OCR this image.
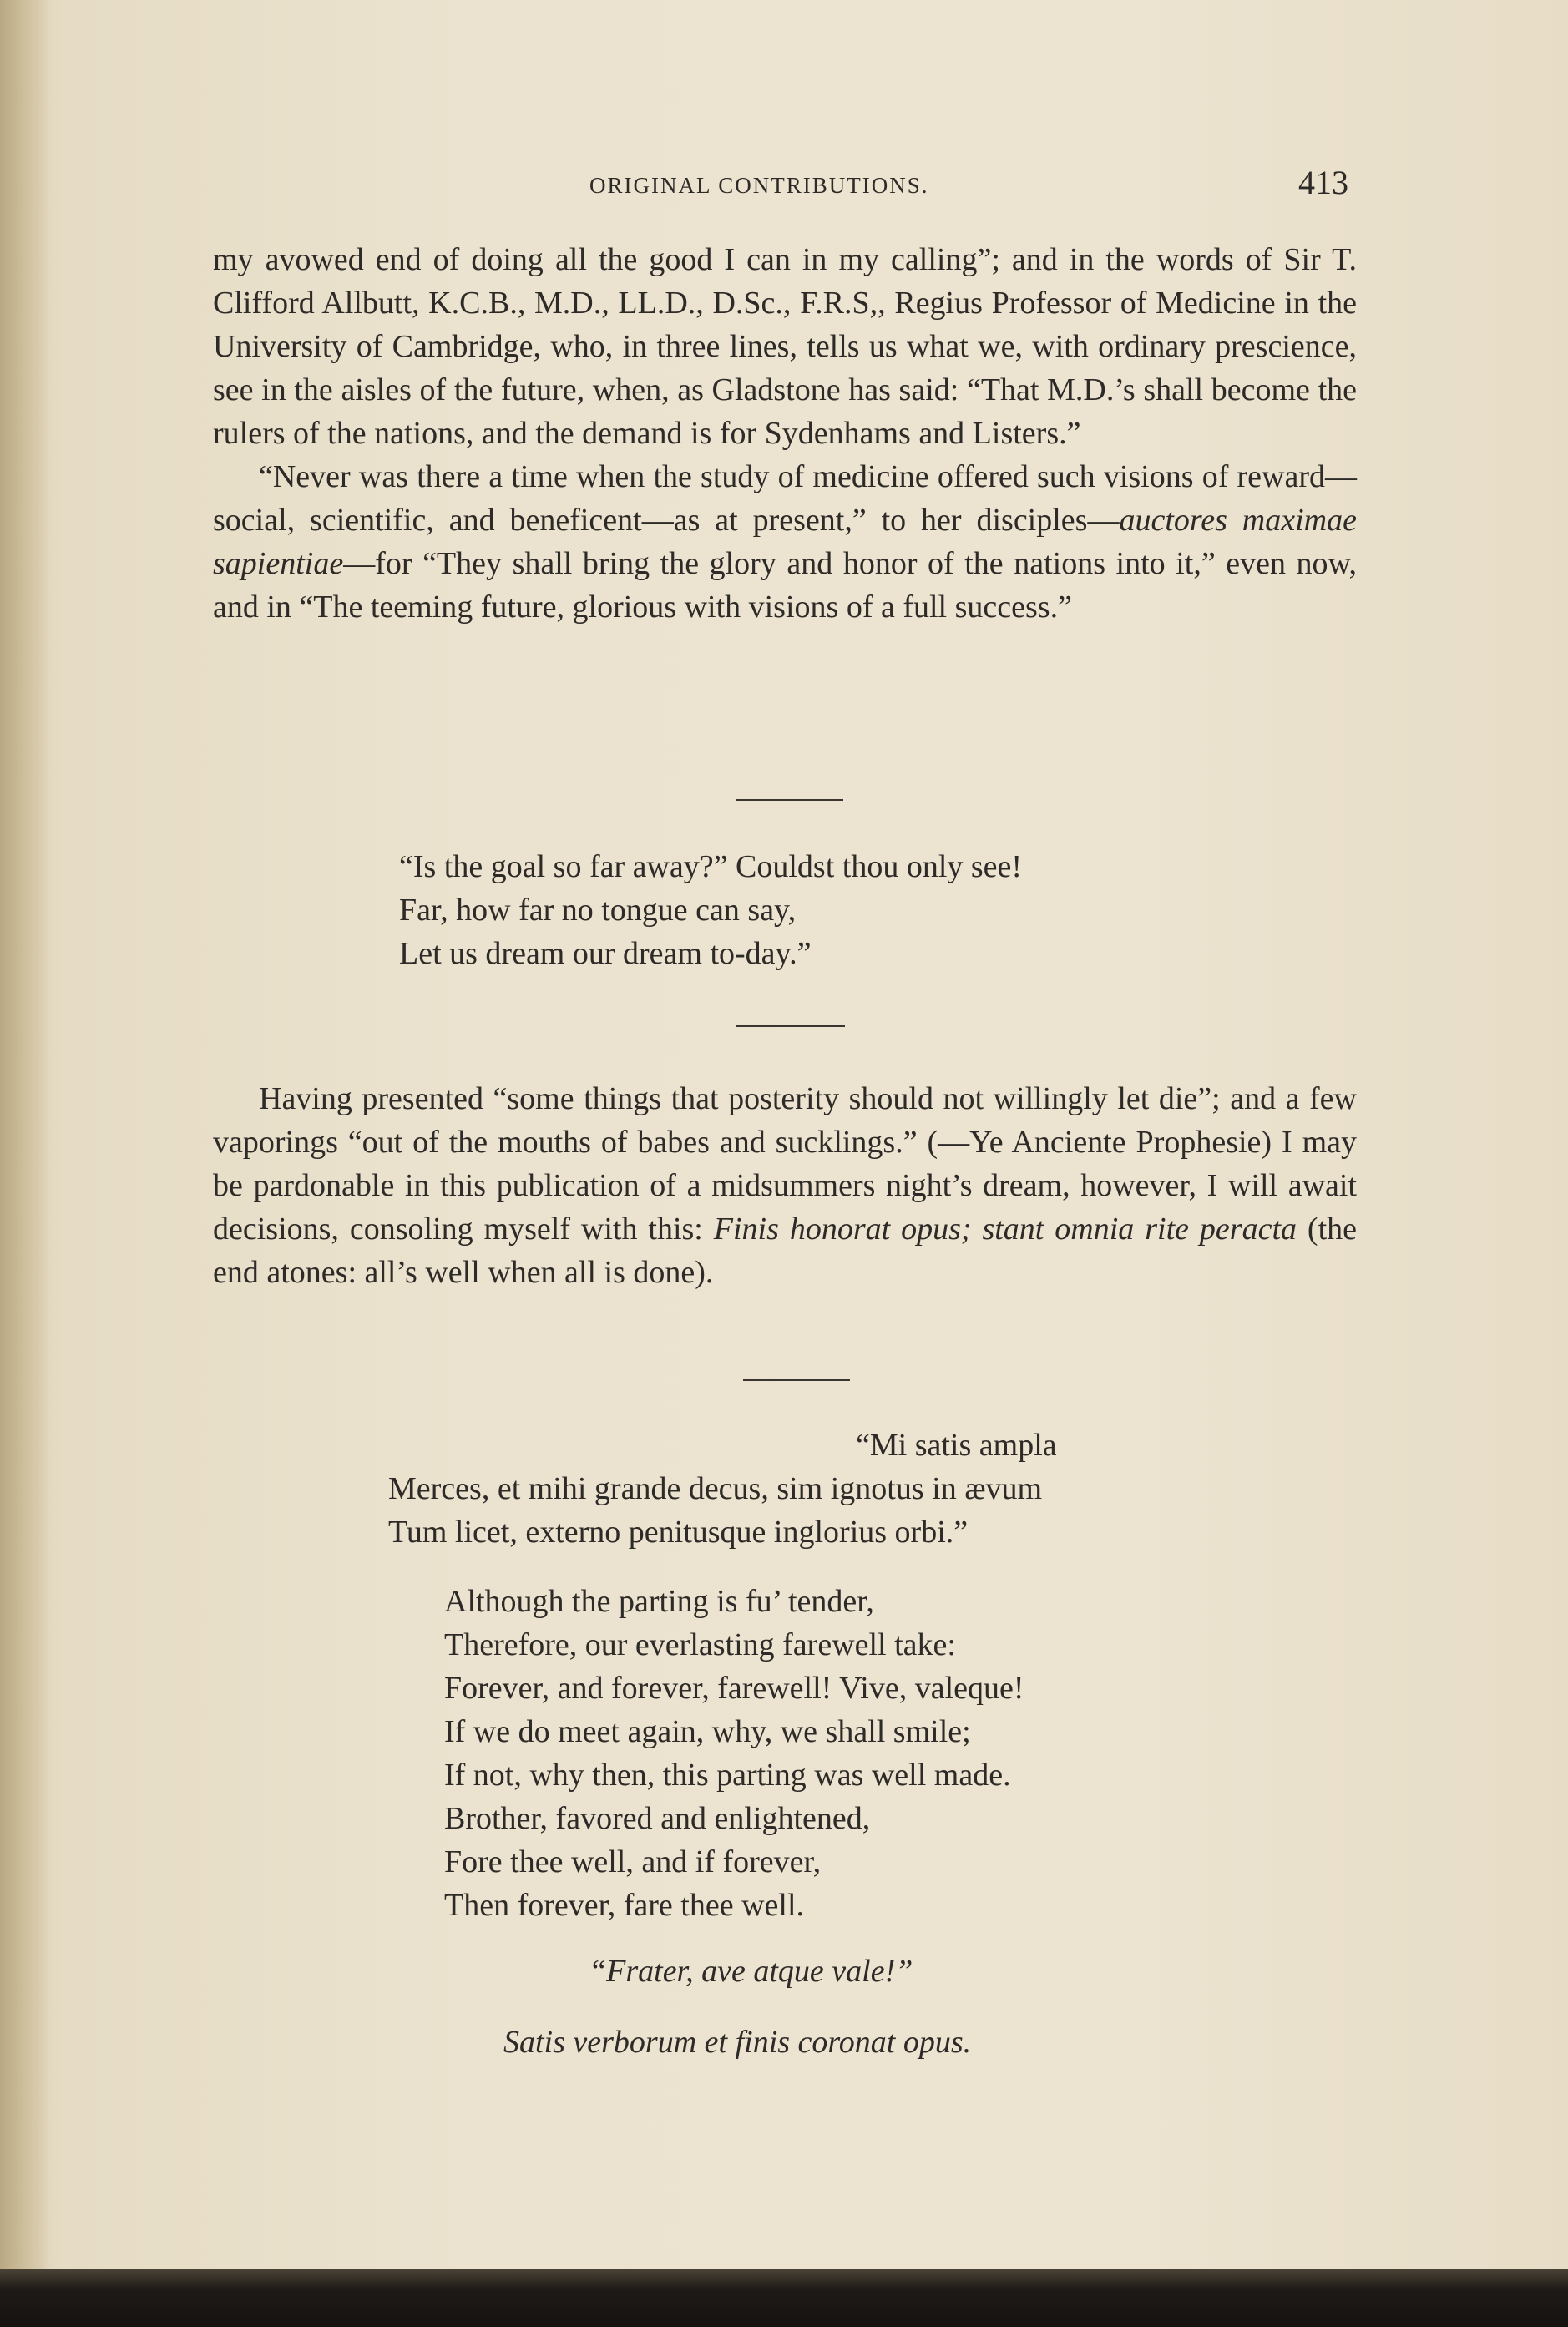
ORIGINAL CONTRIBUTIONS.	413

my avowed end of doing all the good I can in my calling”; and in the words of Sir T. Clifford Allbutt, K.C.B., M.D., LL.D., D.Sc., F.R.S,, Regius Professor of Medicine in the University of Cambridge, who, in three lines, tells us what we, with ordinary prescience, see in the aisles of the future, when, as Gladstone has said: “That M.D.’s shall become the rulers of the nations, and the demand is for Sydenhams and Listers.”

“Never was there a time when the study of medicine offered such visions of reward—social, scientific, and beneficent—as at present,” to her disciples—auctores maximae sapientiae—for “They shall bring the glory and honor of the nations into it,” even now, and in “The teeming future, glorious with visions of a full success.”

“Is the goal so far away?” Couldst thou only see!
Far, how far no tongue can say,
Let us dream our dream to-day.”

Having presented “some things that posterity should not willingly let die”; and a few vaporings “out of the mouths of babes and sucklings.” (—Ye Anciente Prophesie) I may be pardonable in this publication of a midsummers night’s dream, however, I will await decisions, consoling myself with this: Finis honorat opus; stant omnia rite peracta (the end atones: all’s well when all is done).

“Mi satis ampla
Merces, et mihi grande decus, sim ignotus in ævum
Tum licet, externo penitusque inglorius orbi.”
Although the parting is fu’ tender,
Therefore, our everlasting farewell take:
Forever, and forever, farewell! Vive, valeque!
If we do meet again, why, we shall smile;
If not, why then, this parting was well made.
Brother, favored and enlightened,
Fore thee well, and if forever,
Then forever, fare thee well.
“Frater, ave atque vale!”
Satis verborum et finis coronat opus.
